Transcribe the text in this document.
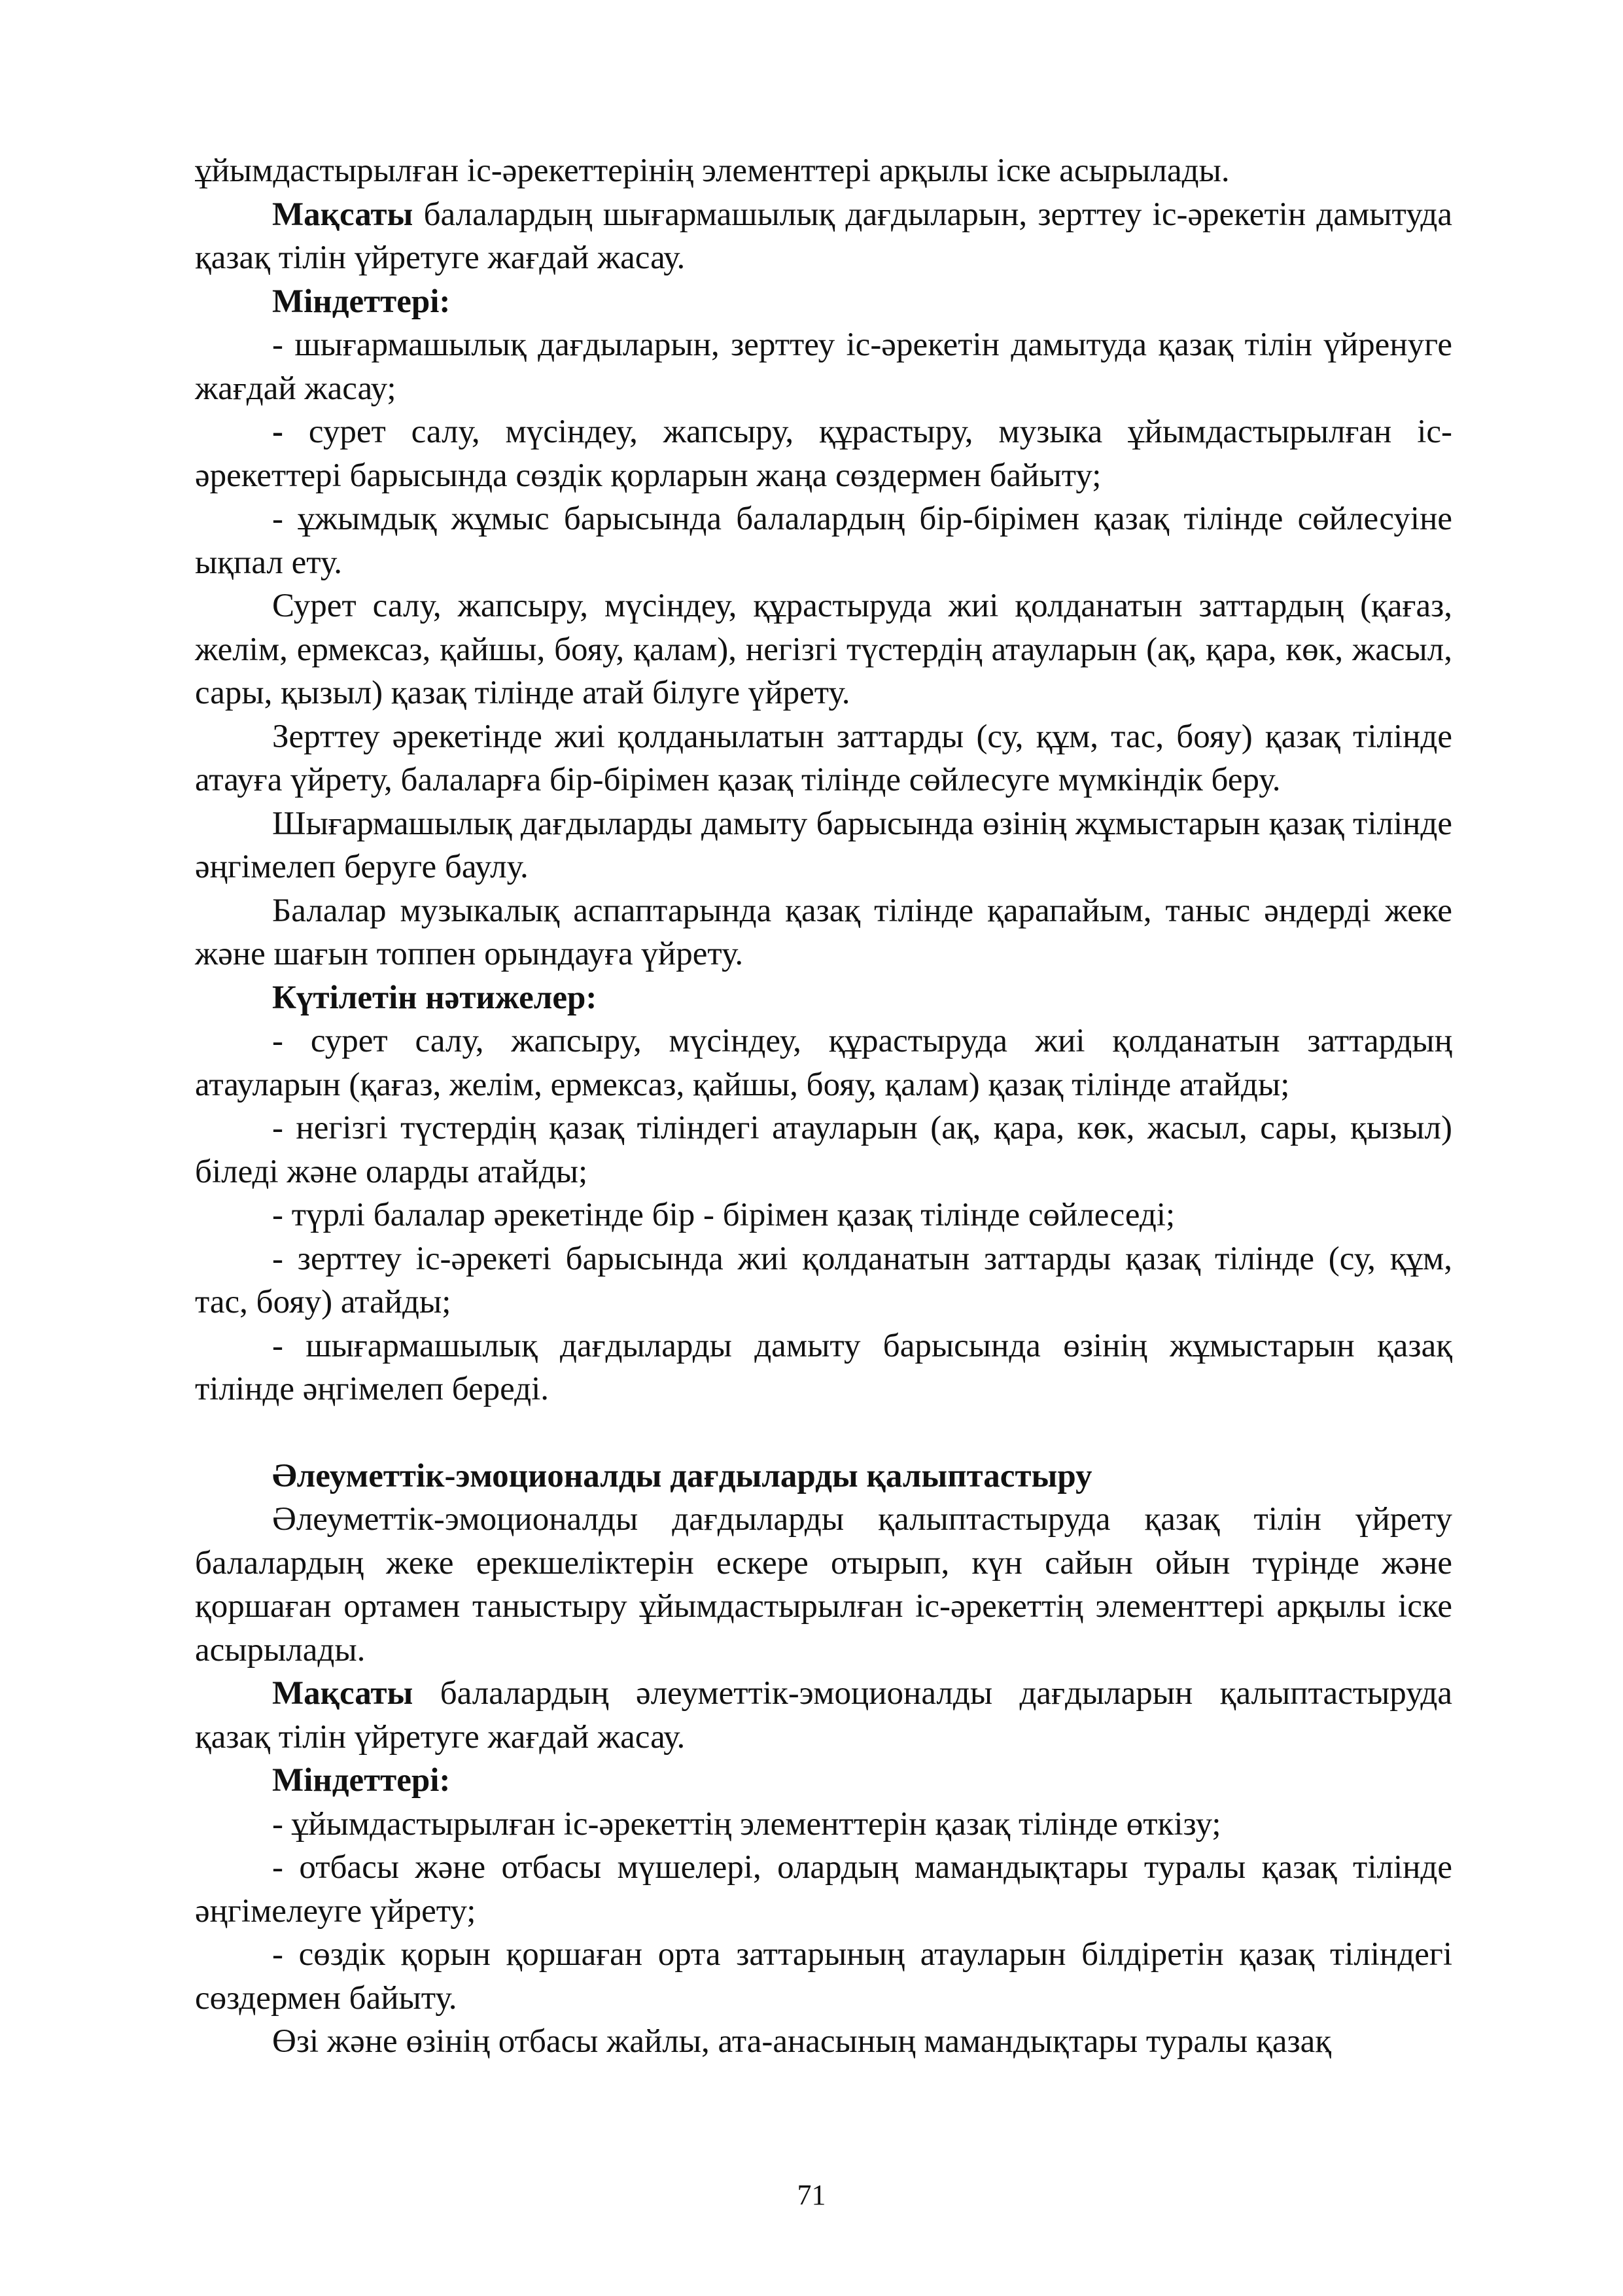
ұйымдастырылған іс-әрекеттерінің элементтері арқылы іске асырылады.

Мақсаты балалардың шығармашылық дағдыларын, зерттеу іс-әрекетін дамытуда қазақ тілін үйретуге жағдай жасау.

Міндеттері:

- шығармашылық дағдыларын, зерттеу іс-әрекетін дамытуда қазақ тілін үйренуге жағдай жасау;

- сурет салу, мүсіндеу, жапсыру, құрастыру, музыка ұйымдастырылған іс-әрекеттері барысында сөздік қорларын жаңа сөздермен байыту;

- ұжымдық жұмыс барысында балалардың бір-бірімен қазақ тілінде сөйлесуіне ықпал ету.

Сурет салу, жапсыру, мүсіндеу, құрастыруда жиі қолданатын заттардың (қағаз, желім, ермексаз, қайшы, бояу, қалам), негізгі түстердің атауларын (ақ, қара, көк, жасыл, сары, қызыл) қазақ тілінде атай білуге үйрету.

Зерттеу әрекетінде жиі қолданылатын заттарды (су, құм, тас, бояу) қазақ тілінде атауға үйрету, балаларға бір-бірімен қазақ тілінде сөйлесуге мүмкіндік беру.

Шығармашылық дағдыларды дамыту барысында өзінің жұмыстарын қазақ тілінде әңгімелеп беруге баулу.

Балалар музыкалық аспаптарында қазақ тілінде қарапайым, таныс әндерді жеке және шағын топпен орындауға үйрету.

Күтілетін нәтижелер:

- сурет салу, жапсыру, мүсіндеу, құрастыруда жиі қолданатын заттардың атауларын (қағаз, желім, ермексаз, қайшы, бояу, қалам) қазақ тілінде атайды;

- негізгі түстердің қазақ тіліндегі атауларын (ақ, қара, көк, жасыл, сары, қызыл) біледі және оларды атайды;

- түрлі балалар әрекетінде бір - бірімен қазақ тілінде сөйлеседі;

- зерттеу іс-әрекеті барысында жиі қолданатын заттарды қазақ тілінде (су, құм, тас, бояу) атайды;

- шығармашылық дағдыларды дамыту барысында өзінің жұмыстарын қазақ тілінде әңгімелеп береді.

Әлеуметтік-эмоционалды дағдыларды қалыптастыру

Әлеуметтік-эмоционалды дағдыларды қалыптастыруда қазақ тілін үйрету балалардың жеке ерекшеліктерін ескере отырып, күн сайын ойын түрінде және қоршаған ортамен таныстыру ұйымдастырылған іс-әрекеттің элементтері арқылы іске асырылады.

Мақсаты балалардың әлеуметтік-эмоционалды дағдыларын қалыптастыруда қазақ тілін үйретуге жағдай жасау.

Міндеттері:

- ұйымдастырылған іс-әрекеттің элементтерін қазақ тілінде өткізу;

- отбасы және отбасы мүшелері, олардың мамандықтары туралы қазақ тілінде әңгімелеуге үйрету;

- сөздік қорын қоршаған орта заттарының атауларын білдіретін қазақ тіліндегі сөздермен байыту.

Өзі және өзінің отбасы жайлы, ата-анасының мамандықтары туралы қазақ

71
